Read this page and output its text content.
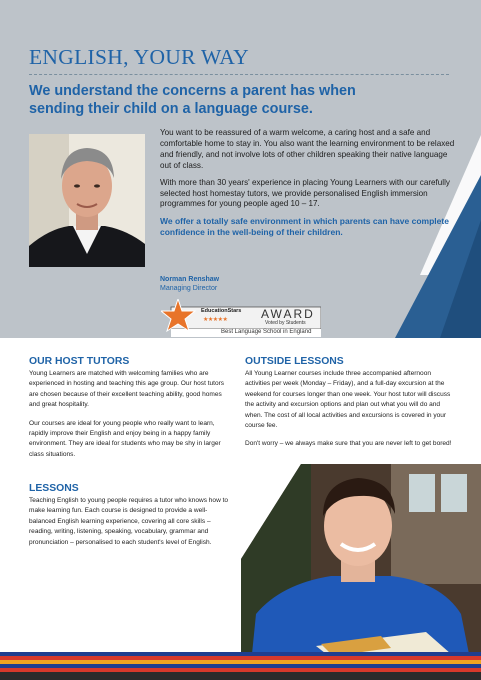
ENGLISH, YOUR WAY
We understand the concerns a parent has when sending their child on a language course.

You want to be reassured of a warm welcome, a caring host and a safe and comfortable home to stay in. You also want the learning environment to be relaxed and friendly, and not involve lots of other children speaking their native language out of class.

With more than 30 years' experience in placing Young Learners with our carefully selected host homestay tutors, we provide personalised English immersion programmes for young people aged 10 – 17.

We offer a totally safe environment in which parents can have complete confidence in the well-being of their children.

Norman Renshaw
Managing Director
EducationStars
★★★★★	AWARD
Voted by Students
Best Language School in England
OUR HOST TUTORS

Young Learners are matched with welcoming families who are experienced in hosting and teaching this age group. Our host tutors are chosen because of their excellent teaching ability, good homes and great hospitality.

Our courses are ideal for young people who really want to learn, rapidly improve their English and enjoy being in a happy family environment. They are ideal for students who may be shy in larger class situations.

LESSONS

Teaching English to young people requires a tutor who knows how to make learning fun. Each course is designed to provide a well-balanced English learning experience, covering all core skills – reading, writing, listening, speaking, vocabulary, grammar and pronunciation – personalised to each student's level of English.

OUTSIDE LESSONS

All Young Learner courses include three accompanied afternoon activities per week (Monday – Friday), and a full-day excursion at the weekend for courses longer than one week. Your host tutor will discuss the activity and excursion options and plan out what you will do and when. The cost of all local activities and excursions is covered in your course fee.

Don't worry – we always make sure that you are never left to get bored!
